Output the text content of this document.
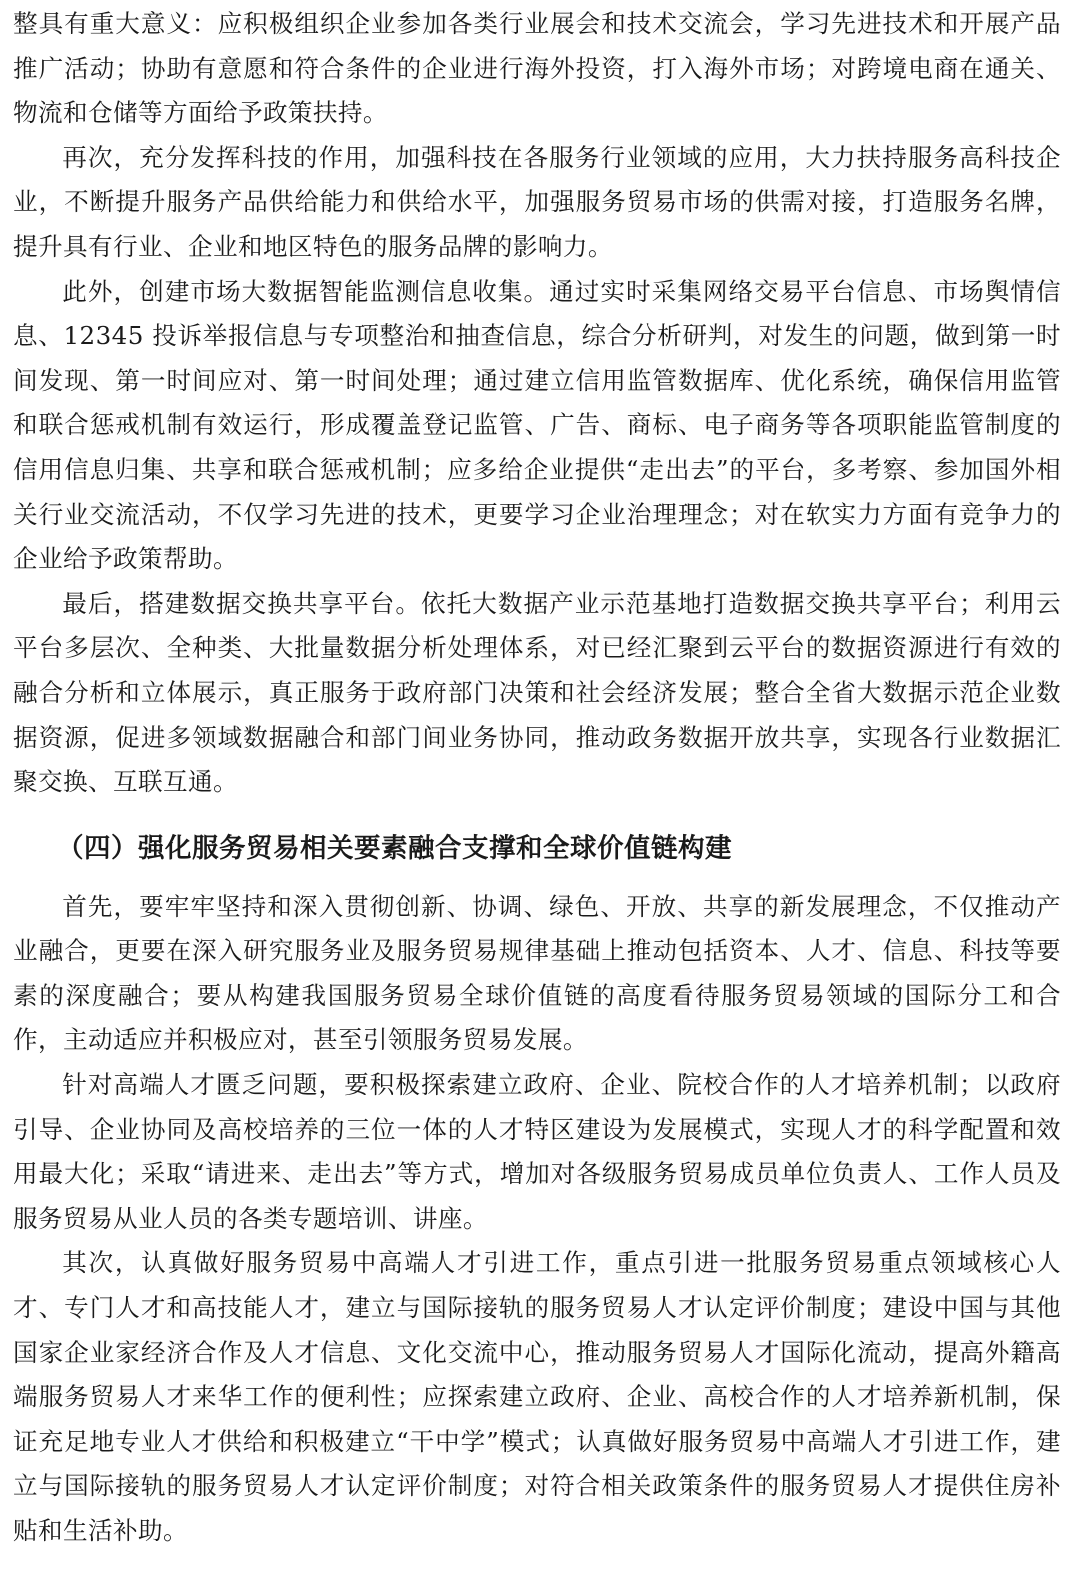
整具有重大意义：应积极组织企业参加各类行业展会和技术交流会，学习先进技术和开展产品推广活动；协助有意愿和符合条件的企业进行海外投资，打入海外市场；对跨境电商在通关、物流和仓储等方面给予政策扶持。

再次，充分发挥科技的作用，加强科技在各服务行业领域的应用，大力扶持服务高科技企业，不断提升服务产品供给能力和供给水平，加强服务贸易市场的供需对接，打造服务名牌，提升具有行业、企业和地区特色的服务品牌的影响力。

此外，创建市场大数据智能监测信息收集。通过实时采集网络交易平台信息、市场舆情信息、12345 投诉举报信息与专项整治和抽查信息，综合分析研判，对发生的问题，做到第一时间发现、第一时间应对、第一时间处理；通过建立信用监管数据库、优化系统，确保信用监管和联合惩戒机制有效运行，形成覆盖登记监管、广告、商标、电子商务等各项职能监管制度的信用信息归集、共享和联合惩戒机制；应多给企业提供“走出去”的平台，多考察、参加国外相关行业交流活动，不仅学习先进的技术，更要学习企业治理理念；对在软实力方面有竞争力的企业给予政策帮助。

最后，搭建数据交换共享平台。依托大数据产业示范基地打造数据交换共享平台；利用云平台多层次、全种类、大批量数据分析处理体系，对已经汇聚到云平台的数据资源进行有效的融合分析和立体展示，真正服务于政府部门决策和社会经济发展；整合全省大数据示范企业数据资源，促进多领域数据融合和部门间业务协同，推动政务数据开放共享，实现各行业数据汇聚交换、互联互通。

（四）强化服务贸易相关要素融合支撑和全球价值链构建

首先，要牢牢坚持和深入贯彻创新、协调、绿色、开放、共享的新发展理念，不仅推动产业融合，更要在深入研究服务业及服务贸易规律基础上推动包括资本、人才、信息、科技等要素的深度融合；要从构建我国服务贸易全球价值链的高度看待服务贸易领域的国际分工和合作，主动适应并积极应对，甚至引领服务贸易发展。

针对高端人才匮乏问题，要积极探索建立政府、企业、院校合作的人才培养机制；以政府引导、企业协同及高校培养的三位一体的人才特区建设为发展模式，实现人才的科学配置和效用最大化；采取“请进来、走出去”等方式，增加对各级服务贸易成员单位负责人、工作人员及服务贸易从业人员的各类专题培训、讲座。

其次，认真做好服务贸易中高端人才引进工作，重点引进一批服务贸易重点领域核心人才、专门人才和高技能人才，建立与国际接轨的服务贸易人才认定评价制度；建设中国与其他国家企业家经济合作及人才信息、文化交流中心，推动服务贸易人才国际化流动，提高外籍高端服务贸易人才来华工作的便利性；应探索建立政府、企业、高校合作的人才培养新机制，保证充足地专业人才供给和积极建立“干中学”模式；认真做好服务贸易中高端人才引进工作，建立与国际接轨的服务贸易人才认定评价制度；对符合相关政策条件的服务贸易人才提供住房补贴和生活补助。
